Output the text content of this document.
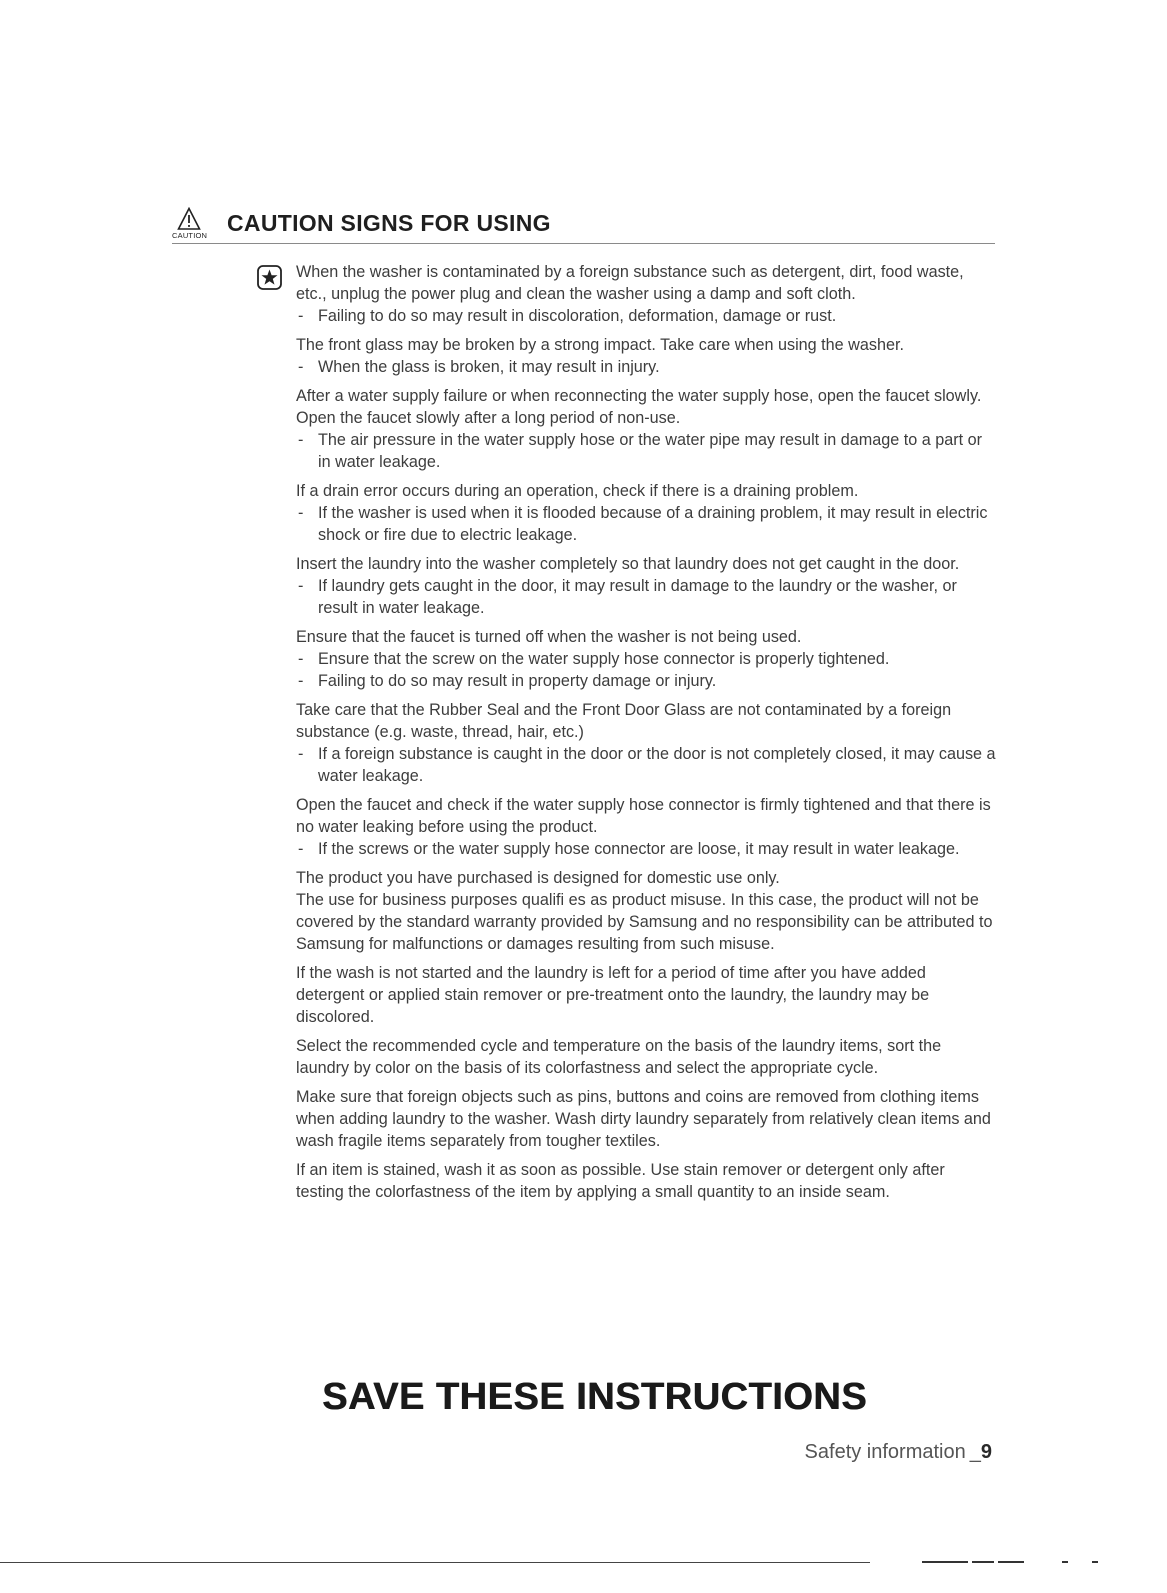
CAUTION CAUTION SIGNS FOR USING

When the washer is contaminated by a foreign substance such as detergent, dirt, food waste, etc., unplug the power plug and clean the washer using a damp and soft cloth.

- Failing to do so may result in discoloration, deformation, damage or rust.

The front glass may be broken by a strong impact. Take care when using the washer.

- When the glass is broken, it may result in injury.

After a water supply failure or when reconnecting the water supply hose, open the faucet slowly.

Open the faucet slowly after a long period of non-use.

- The air pressure in the water supply hose or the water pipe may result in damage to a part or in water leakage.

If a drain error occurs during an operation, check if there is a draining problem.

- If the washer is used when it is flooded because of a draining problem, it may result in electric shock or fire due to electric leakage.

Insert the laundry into the washer completely so that laundry does not get caught in the door.

- If laundry gets caught in the door, it may result in damage to the laundry or the washer, or result in water leakage.

Ensure that the faucet is turned off when the washer is not being used.

- Ensure that the screw on the water supply hose connector is properly tightened.
- Failing to do so may result in property damage or injury.

Take care that the Rubber Seal and the Front Door Glass are not contaminated by a foreign substance (e.g. waste, thread, hair, etc.)

- If a foreign substance is caught in the door or the door is not completely closed, it may cause a water leakage.

Open the faucet and check if the water supply hose connector is firmly tightened and that there is no water leaking before using the product.

- If the screws or the water supply hose connector are loose, it may result in water leakage.

The product you have purchased is designed for domestic use only.

The use for business purposes qualifi es as product misuse. In this case, the product will not be covered by the standard warranty provided by Samsung and no responsibility can be attributed to Samsung for malfunctions or damages resulting from such misuse.

If the wash is not started and the laundry is left for a period of time after you have added detergent or applied stain remover or pre-treatment onto the laundry, the laundry may be discolored.

Select the recommended cycle and temperature on the basis of the laundry items, sort the laundry by color on the basis of its colorfastness and select the appropriate cycle.

Make sure that foreign objects such as pins, buttons and coins are removed from clothing items when adding laundry to the washer. Wash dirty laundry separately from relatively clean items and wash fragile items separately from tougher textiles.

If an item is stained, wash it as soon as possible. Use stain remover or detergent only after testing the colorfastness of the item by applying a small quantity to an inside seam.

SAVE THESE INSTRUCTIONS
Safety information _9
